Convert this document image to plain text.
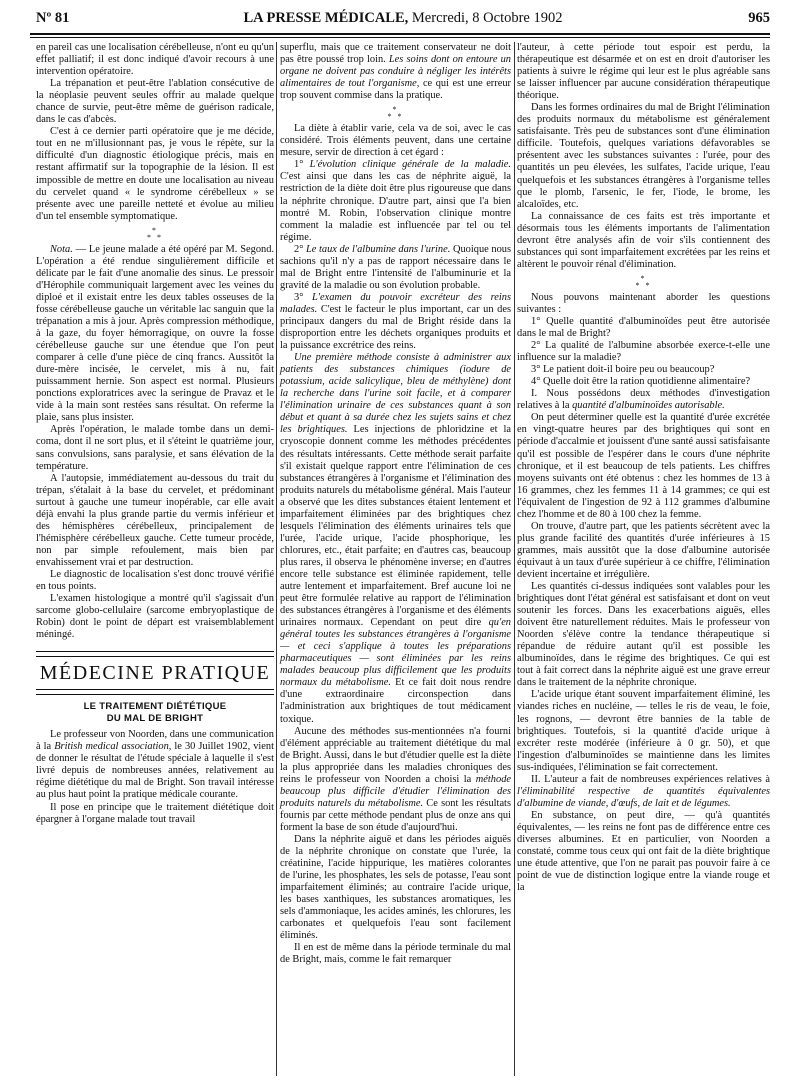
Nº 81	LA PRESSE MÉDICALE, Mercredi, 8 Octobre 1902	965

en pareil cas une localisation cérébelleuse, n'ont eu qu'un effet palliatif; il est donc indiqué d'avoir recours à une intervention opératoire.

La trépanation et peut-être l'ablation consécutive de la néoplasie peuvent seules offrir au malade quelque chance de survie, peut-être même de guérison radicale, dans le cas d'abcès.

C'est à ce dernier parti opératoire que je me décide, tout en ne m'illusionnant pas, je vous le répète, sur la difficulté d'un diagnostic étiologique précis, mais en restant affirmatif sur la topographie de la lésion. Il est impossible de mettre en doute une localisation au niveau du cervelet quand « le syndrome cérébelleux » se présente avec une pareille netteté et évolue au milieu d'un tel ensemble symptomatique.

*
* *

Nota. — Le jeune malade a été opéré par M. Segond. L'opération a été rendue singulièrement difficile et délicate par le fait d'une anomalie des sinus. Le pressoir d'Hérophile communiquait largement avec les veines du diploé et il existait entre les deux tables osseuses de la fosse cérébelleuse gauche un véritable lac sanguin que la trépanation a mis à jour. Après compression méthodique, à la gaze, du foyer hémorragique, on ouvre la fosse cérébelleuse gauche sur une étendue que l'on peut comparer à celle d'une pièce de cinq francs. Aussitôt la dure-mère incisée, le cervelet, mis à nu, fait puissamment hernie. Son aspect est normal. Plusieurs ponctions exploratrices avec la seringue de Pravaz et le vide à la main sont restées sans résultat. On referme la plaie, sans plus insister.

Après l'opération, le malade tombe dans un demi-coma, dont il ne sort plus, et il s'éteint le quatrième jour, sans convulsions, sans paralysie, et sans élévation de la température.

A l'autopsie, immédiatement au-dessous du trait du trépan, s'étalait à la base du cervelet, et prédominant surtout à gauche une tumeur inopérable, car elle avait déjà envahi la plus grande partie du vermis inférieur et des hémisphères cérébelleux, principalement de l'hémisphère cérébelleux gauche. Cette tumeur procède, non par simple refoulement, mais bien par envahissement vrai et par destruction.

Le diagnostic de localisation s'est donc trouvé vérifié en tous points.

L'examen histologique a montré qu'il s'agissait d'un sarcome globo-cellulaire (sarcome embryoplastique de Robin) dont le point de départ est vraisemblablement méningé.

MÉDECINE PRATIQUE
LE TRAITEMENT DIÉTÉTIQUE
DU MAL DE BRIGHT

Le professeur von Noorden, dans une communication à la British medical association, le 30 Juillet 1902, vient de donner le résultat de l'étude spéciale à laquelle il s'est livré depuis de nombreuses années, relativement au régime diététique du mal de Bright. Son travail intéresse au plus haut point la pratique médicale courante.

Il pose en principe que le traitement diététique doit épargner à l'organe malade tout travail

superflu, mais que ce traitement conservateur ne doit pas être poussé trop loin. Les soins dont on entoure un organe ne doivent pas conduire à négliger les intérêts alimentaires de tout l'organisme, ce qui est une erreur trop souvent commise dans la pratique.

*
* *

La diète à établir varie, cela va de soi, avec le cas considéré. Trois éléments peuvent, dans une certaine mesure, servir de direction à cet égard :

1° L'évolution clinique générale de la maladie. C'est ainsi que dans les cas de néphrite aiguë, la restriction de la diète doit être plus rigoureuse que dans la néphrite chronique. D'autre part, ainsi que l'a bien montré M. Robin, l'observation clinique montre comment la maladie est influencée par tel ou tel régime.

2° Le taux de l'albumine dans l'urine. Quoique nous sachions qu'il n'y a pas de rapport nécessaire dans le mal de Bright entre l'intensité de l'albuminurie et la gravité de la maladie ou son évolution probable.

3° L'examen du pouvoir excréteur des reins malades. C'est le facteur le plus important, car un des principaux dangers du mal de Bright réside dans la disproportion entre les déchets organiques produits et la puissance excrétrice des reins.

Une première méthode consiste à administrer aux patients des substances chimiques (iodure de potassium, acide salicylique, bleu de méthylène) dont la recherche dans l'urine soit facile, et à comparer l'élimination urinaire de ces substances quant à son début et quant à sa durée chez les sujets sains et chez les brightiques. Les injections de phloridzine et la cryoscopie donnent comme les méthodes précédentes des résultats intéressants. Cette méthode serait parfaite s'il existait quelque rapport entre l'élimination de ces substances étrangères à l'organisme et l'élimination des produits naturels du métabolisme général. Mais l'auteur a observé que les dites substances étaient lentement et imparfaitement éliminées par des brightiques chez lesquels l'élimination des éléments urinaires tels que l'urée, l'acide urique, l'acide phosphorique, les chlorures, etc., était parfaite; en d'autres cas, beaucoup plus rares, il observa le phénomène inverse; en d'autres encore telle substance est éliminée rapidement, telle autre lentement et imparfaitement. Bref aucune loi ne peut être formulée relative au rapport de l'élimination des substances étrangères à l'organisme et des éléments urinaires normaux. Cependant on peut dire qu'en général toutes les substances étrangères à l'organisme — et ceci s'applique à toutes les préparations pharmaceutiques — sont éliminées par les reins malades beaucoup plus difficilement que les produits normaux du métabolisme. Et ce fait doit nous rendre d'une extraordinaire circonspection dans l'administration aux brightiques de tout médicament toxique.

Aucune des méthodes sus-mentionnées n'a fourni d'élément appréciable au traitement diététique du mal de Bright. Aussi, dans le but d'étudier quelle est la diète la plus appropriée dans les maladies chroniques des reins le professeur von Noorden a choisi la méthode beaucoup plus difficile d'étudier l'élimination des produits naturels du métabolisme. Ce sont les résultats fournis par cette méthode pendant plus de onze ans qui forment la base de son étude d'aujourd'hui.

Dans la néphrite aiguë et dans les périodes aiguës de la néphrite chronique on constate que l'urée, la créatinine, l'acide hippurique, les matières colorantes de l'urine, les phosphates, les sels de potasse, l'eau sont imparfaitement éliminés; au contraire l'acide urique, les bases xanthiques, les substances aromatiques, les sels d'ammoniaque, les acides aminés, les chlorures, les carbonates et quelquefois l'eau sont facilement éliminés.

Il en est de même dans la période terminale du mal de Bright, mais, comme le fait remarquer

l'auteur, à cette période tout espoir est perdu, la thérapeutique est désarmée et on est en droit d'autoriser les patients à suivre le régime qui leur est le plus agréable sans se laisser influencer par aucune considération thérapeutique théorique.

Dans les formes ordinaires du mal de Bright l'élimination des produits normaux du métabolisme est généralement satisfaisante. Très peu de substances sont d'une élimination difficile. Toutefois, quelques variations défavorables se présentent avec les substances suivantes : l'urée, pour des quantités un peu élevées, les sulfates, l'acide urique, l'eau quelquefois et les substances étrangères à l'organisme telles que le plomb, l'arsenic, le fer, l'iode, le brome, les alcaloïdes, etc.

La connaissance de ces faits est très importante et désormais tous les éléments importants de l'alimentation devront être analysés afin de voir s'ils contiennent des substances qui sont imparfaitement excrétées par les reins et altèrent le pouvoir rénal d'élimination.

*
* *

Nous pouvons maintenant aborder les questions suivantes :

1° Quelle quantité d'albuminoïdes peut être autorisée dans le mal de Bright?

2° La qualité de l'albumine absorbée exerce-t-elle une influence sur la maladie?

3° Le patient doit-il boire peu ou beaucoup?

4° Quelle doit être la ration quotidienne alimentaire?

I. Nous possédons deux méthodes d'investigation relatives à la quantité d'albuminoïdes autorisable.

On peut déterminer quelle est la quantité d'urée excrétée en vingt-quatre heures par des brightiques qui sont en période d'accalmie et jouissent d'une santé aussi satisfaisante qu'il est possible de l'espérer dans le cours d'une néphrite chronique, et il est beaucoup de tels patients. Les chiffres moyens suivants ont été obtenus : chez les hommes de 13 à 16 grammes, chez les femmes 11 à 14 grammes; ce qui est l'équivalent de l'ingestion de 92 à 112 grammes d'albumine chez l'homme et de 80 à 100 chez la femme.

On trouve, d'autre part, que les patients sécrètent avec la plus grande facilité des quantités d'urée inférieures à 15 grammes, mais aussitôt que la dose d'albumine autorisée équivaut à un taux d'urée supérieur à ce chiffre, l'élimination devient incertaine et irrégulière.

Les quantités ci-dessus indiquées sont valables pour les brightiques dont l'état général est satisfaisant et dont on veut soutenir les forces. Dans les exacerbations aiguës, elles doivent être naturellement réduites. Mais le professeur von Noorden s'élève contre la tendance thérapeutique si répandue de réduire autant qu'il est possible les albuminoïdes, dans le régime des brightiques. Ce qui est tout à fait correct dans la néphrite aiguë est une grave erreur dans le traitement de la néphrite chronique.

L'acide urique étant souvent imparfaitement éliminé, les viandes riches en nucléine, — telles le ris de veau, le foie, les rognons, — devront être bannies de la table de brightiques. Toutefois, si la quantité d'acide urique à excréter reste modérée (inférieure à 0 gr. 50), et que l'ingestion d'albuminoïdes se maintienne dans les limites sus-indiquées, l'élimination se fait correctement.

II. L'auteur a fait de nombreuses expériences relatives à l'éliminabilité respective de quantités équivalentes d'albumine de viande, d'œufs, de lait et de légumes.

En substance, on peut dire, — qu'à quantités équivalentes, — les reins ne font pas de différence entre ces diverses albumines. Et en particulier, von Noorden a constaté, comme tous ceux qui ont fait de la diète brightique une étude attentive, que l'on ne parait pas pouvoir faire à ce point de vue de distinction logique entre la viande rouge et la
